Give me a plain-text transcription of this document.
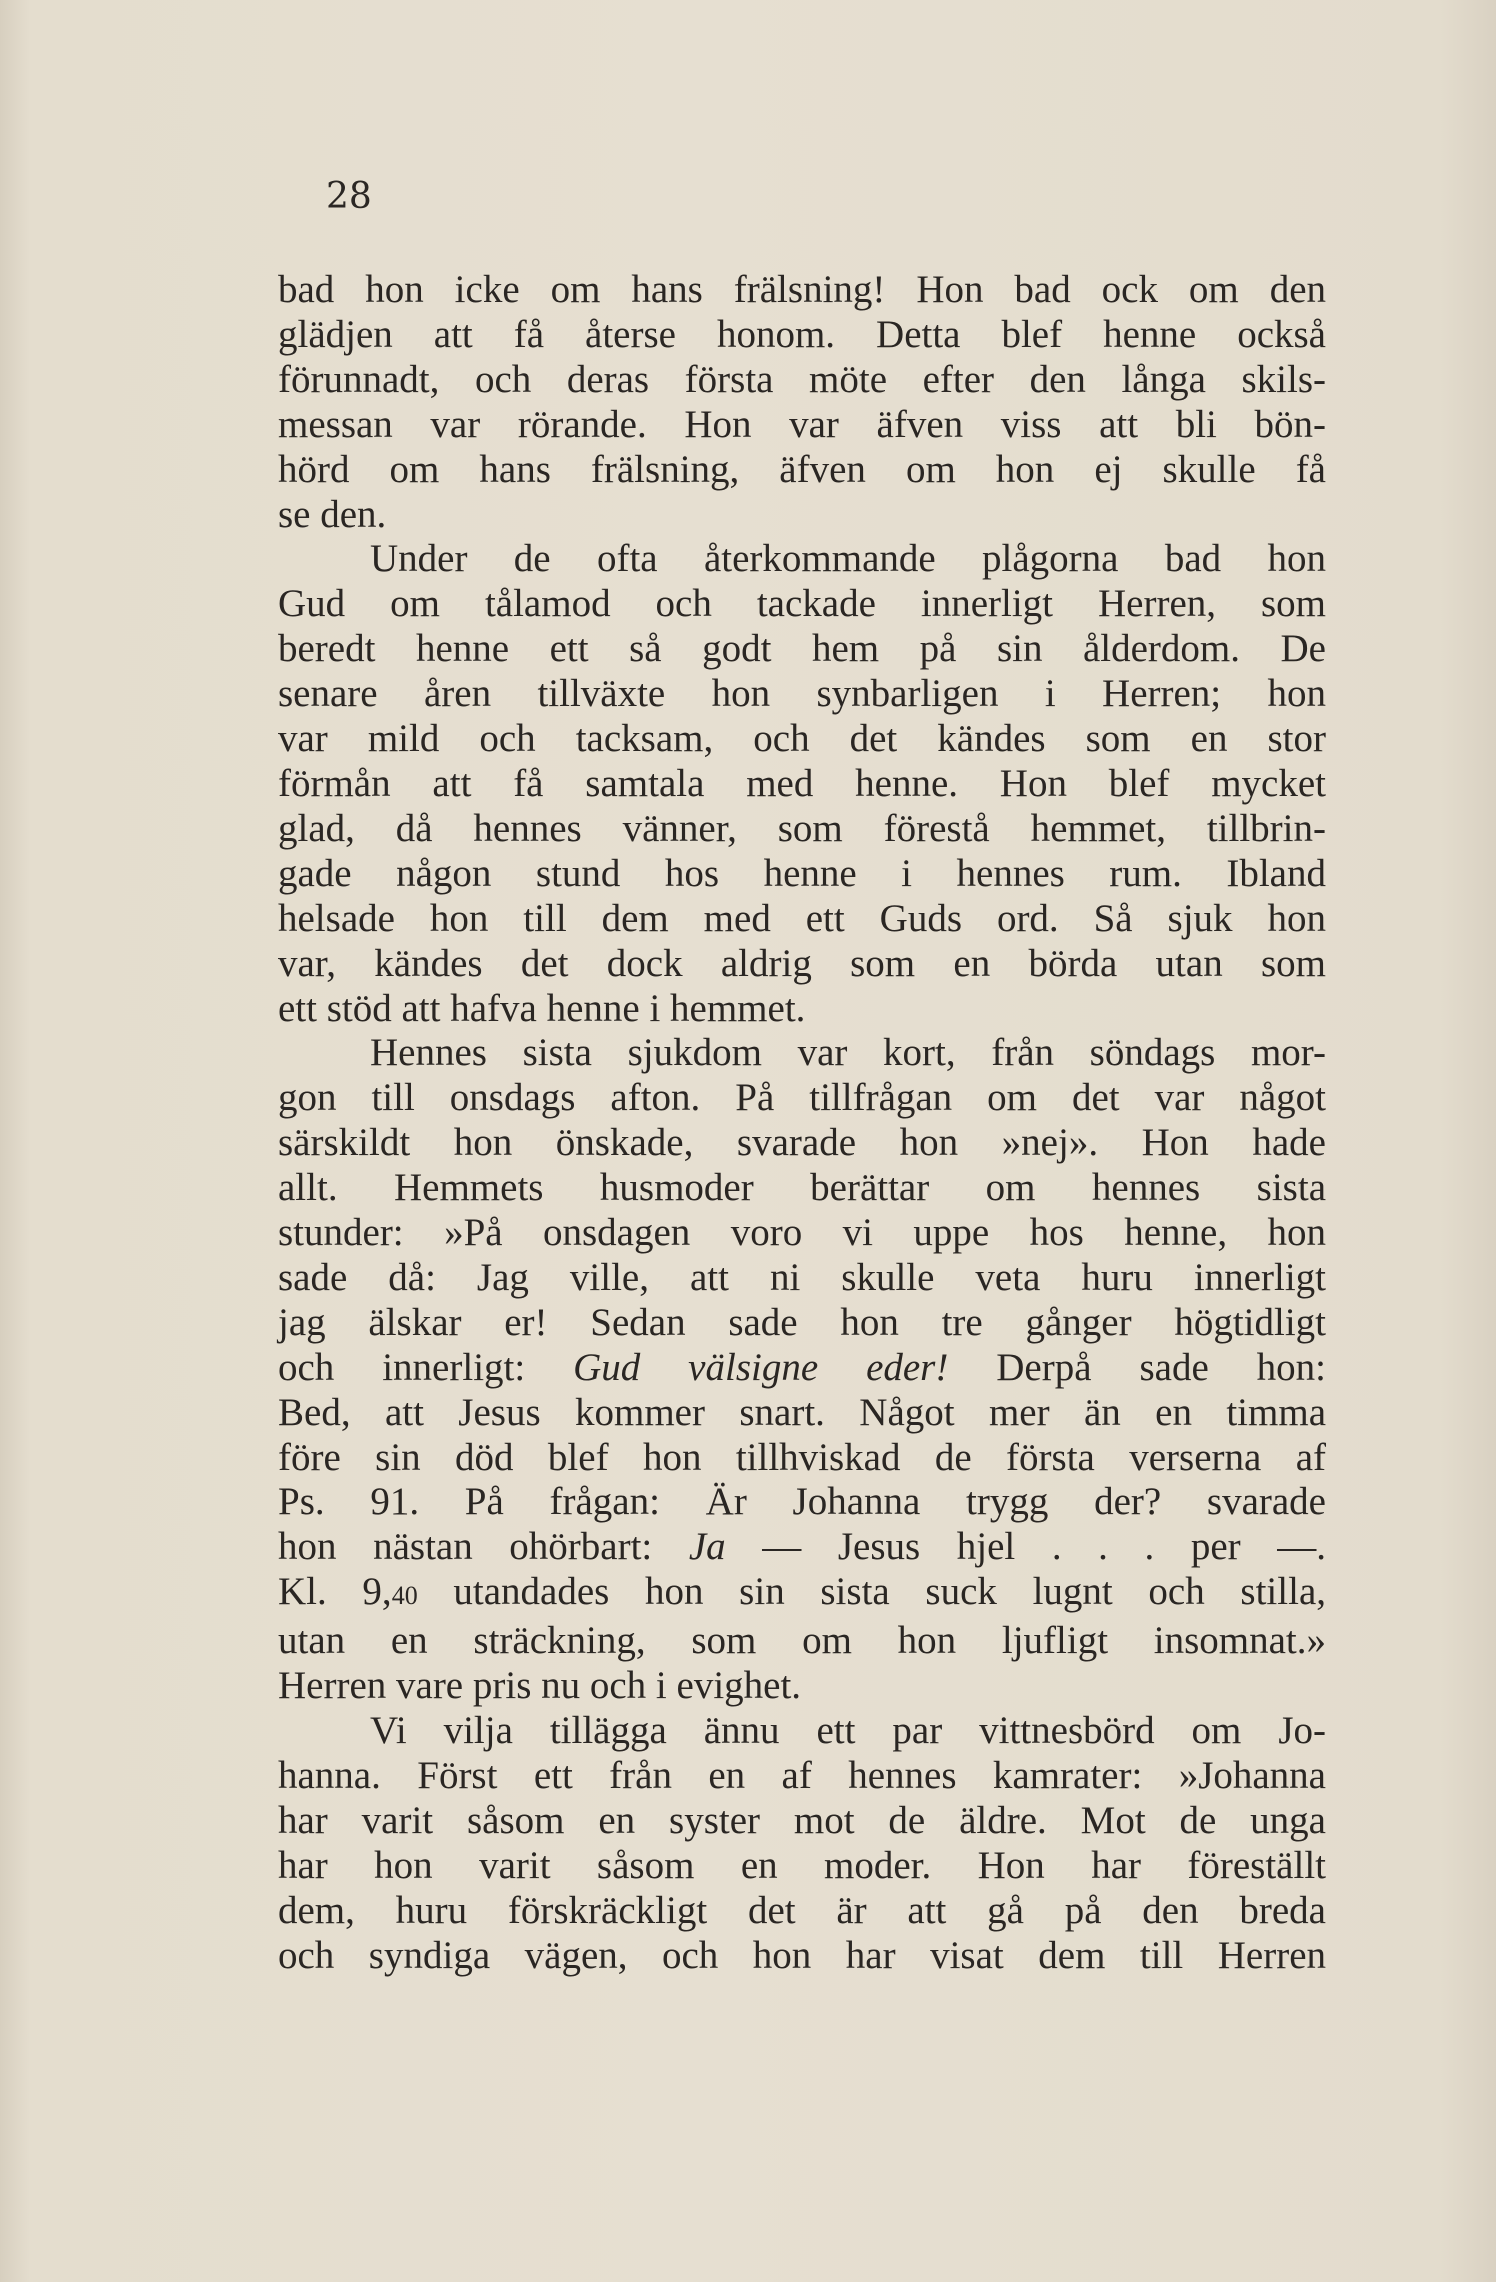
28
bad hon icke om hans frälsning! Hon bad ock om den
glädjen att få återse honom. Detta blef henne också
förunnadt, och deras första möte efter den långa skils-
messan var rörande. Hon var äfven viss att bli bön-
hörd om hans frälsning, äfven om hon ej skulle få
se den.
Under de ofta återkommande plågorna bad hon
Gud om tålamod och tackade innerligt Herren, som
beredt henne ett så godt hem på sin ålderdom. De
senare åren tillväxte hon synbarligen i Herren; hon
var mild och tacksam, och det kändes som en stor
förmån att få samtala med henne. Hon blef mycket
glad, då hennes vänner, som förestå hemmet, tillbrin-
gade någon stund hos henne i hennes rum. Ibland
helsade hon till dem med ett Guds ord. Så sjuk hon
var, kändes det dock aldrig som en börda utan som
ett stöd att hafva henne i hemmet.
Hennes sista sjukdom var kort, från söndags mor-
gon till onsdags afton. På tillfrågan om det var något
särskildt hon önskade, svarade hon »nej». Hon hade
allt. Hemmets husmoder berättar om hennes sista
stunder: »På onsdagen voro vi uppe hos henne, hon
sade då: Jag ville, att ni skulle veta huru innerligt
jag älskar er! Sedan sade hon tre gånger högtidligt
och innerligt: Gud välsigne eder! Derpå sade hon:
Bed, att Jesus kommer snart. Något mer än en timma
före sin död blef hon tillhviskad de första verserna af
Ps. 91. På frågan: Är Johanna trygg der? svarade
hon nästan ohörbart: Ja — Jesus hjel . . . per —.
Kl. 9,40 utandades hon sin sista suck lugnt och stilla,
utan en sträckning, som om hon ljufligt insomnat.»
Herren vare pris nu och i evighet.
Vi vilja tillägga ännu ett par vittnesbörd om Jo-
hanna. Först ett från en af hennes kamrater: »Johanna
har varit såsom en syster mot de äldre. Mot de unga
har hon varit såsom en moder. Hon har föreställt
dem, huru förskräckligt det är att gå på den breda
och syndiga vägen, och hon har visat dem till Herren
